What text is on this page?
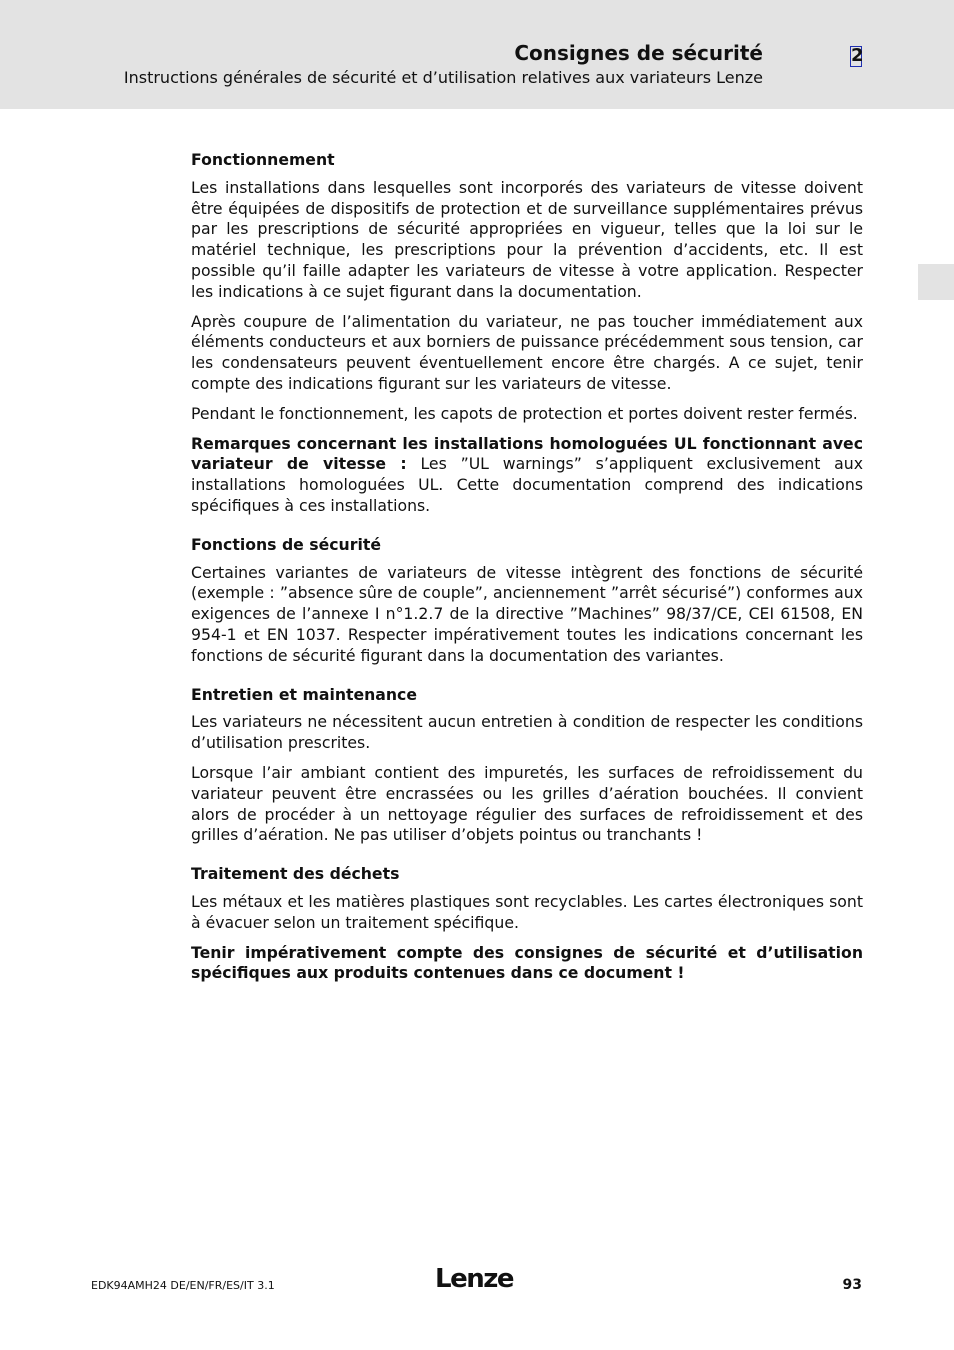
Consignes de sécurité
Instructions générales de sécurité et d’utilisation relatives aux variateurs Lenze
2
Fonctionnement

Les installations dans lesquelles sont incorporés des variateurs de vitesse doivent être équipées de dispositifs de protection et de surveillance supplémentaires prévus par les prescriptions de sécurité appropriées en vigueur, telles que la loi sur le matériel technique, les prescriptions pour la prévention d’accidents, etc. Il est possible qu’il faille adapter les variateurs de vitesse à votre application. Respecter les indications à ce sujet figurant dans la documentation.

Après coupure de l’alimentation du variateur, ne pas toucher immédiatement aux éléments conducteurs et aux borniers de puissance précédemment sous tension, car les condensateurs peuvent éventuellement encore être chargés. A ce sujet, tenir compte des indications figurant sur les variateurs de vitesse.

Pendant le fonctionnement, les capots de protection et portes doivent rester fermés.

Remarques concernant les installations homologuées UL fonctionnant avec variateur de vitesse : Les ”UL warnings” s’appliquent exclusivement aux installations homologuées UL. Cette documentation comprend des indications spécifiques à ces installations.

Fonctions de sécurité

Certaines variantes de variateurs de vitesse intègrent des fonctions de sécurité (exemple : ”absence sûre de couple”, anciennement ”arrêt sécurisé”) conformes aux exigences de l’annexe I n°1.2.7 de la directive ”Machines” 98/37/CE, CEI 61508, EN 954-1 et EN 1037. Respecter impérativement toutes les indications concernant les fonctions de sécurité figurant dans la documentation des variantes.

Entretien et maintenance

Les variateurs ne nécessitent aucun entretien à condition de respecter les conditions d’utilisation prescrites.

Lorsque l’air ambiant contient des impuretés, les surfaces de refroidissement du variateur peuvent être encrassées ou les grilles d’aération bouchées. Il convient alors de procéder à un nettoyage régulier des surfaces de refroidissement et des grilles d’aération. Ne pas utiliser d’objets pointus ou tranchants !

Traitement des déchets

Les métaux et les matières plastiques sont recyclables. Les cartes électroniques sont à évacuer selon un traitement spécifique.

Tenir impérativement compte des consignes de sécurité et d’utilisation spécifiques aux produits contenues dans ce document !

EDK94AMH24 DE/EN/FR/ES/IT 3.1	Lenze	93
